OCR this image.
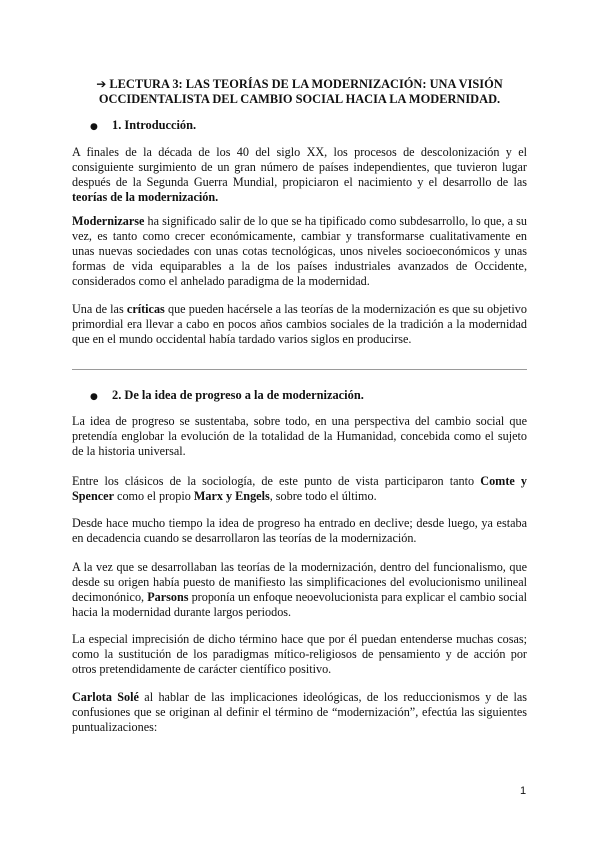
➔ LECTURA 3: LAS TEORÍAS DE LA MODERNIZACIÓN: UNA VISIÓN
OCCIDENTALISTA DEL CAMBIO SOCIAL HACIA LA MODERNIDAD.
● 1. Introducción.

A finales de la década de los 40 del siglo XX, los procesos de descolonización y el consiguiente surgimiento de un gran número de países independientes, que tuvieron lugar después de la Segunda Guerra Mundial, propiciaron el nacimiento y el desarrollo de las teorías de la modernización.

Modernizarse ha significado salir de lo que se ha tipificado como subdesarrollo, lo que, a su vez, es tanto como crecer económicamente, cambiar y transformarse cualitativamente en unas nuevas sociedades con unas cotas tecnológicas, unos niveles socioeconómicos y unas formas de vida equiparables a la de los países industriales avanzados de Occidente, considerados como el anhelado paradigma de la modernidad.

Una de las críticas que pueden hacérsele a las teorías de la modernización es que su objetivo primordial era llevar a cabo en pocos años cambios sociales de la tradición a la modernidad que en el mundo occidental había tardado varios siglos en producirse.

● 2. De la idea de progreso a la de modernización.

La idea de progreso se sustentaba, sobre todo, en una perspectiva del cambio social que pretendía englobar la evolución de la totalidad de la Humanidad, concebida como el sujeto de la historia universal.

Entre los clásicos de la sociología, de este punto de vista participaron tanto Comte y Spencer como el propio Marx y Engels, sobre todo el último.

Desde hace mucho tiempo la idea de progreso ha entrado en declive; desde luego, ya estaba en decadencia cuando se desarrollaron las teorías de la modernización.

A la vez que se desarrollaban las teorías de la modernización, dentro del funcionalismo, que desde su origen había puesto de manifiesto las simplificaciones del evolucionismo unilineal decimonónico, Parsons proponía un enfoque neoevolucionista para explicar el cambio social hacia la modernidad durante largos periodos.

La especial imprecisión de dicho término hace que por él puedan entenderse muchas cosas; como la sustitución de los paradigmas mítico-religiosos de pensamiento y de acción por otros pretendidamente de carácter científico positivo.

Carlota Solé al hablar de las implicaciones ideológicas, de los reduccionismos y de las confusiones que se originan al definir el término de “modernización”, efectúa las siguientes puntualizaciones:

1
